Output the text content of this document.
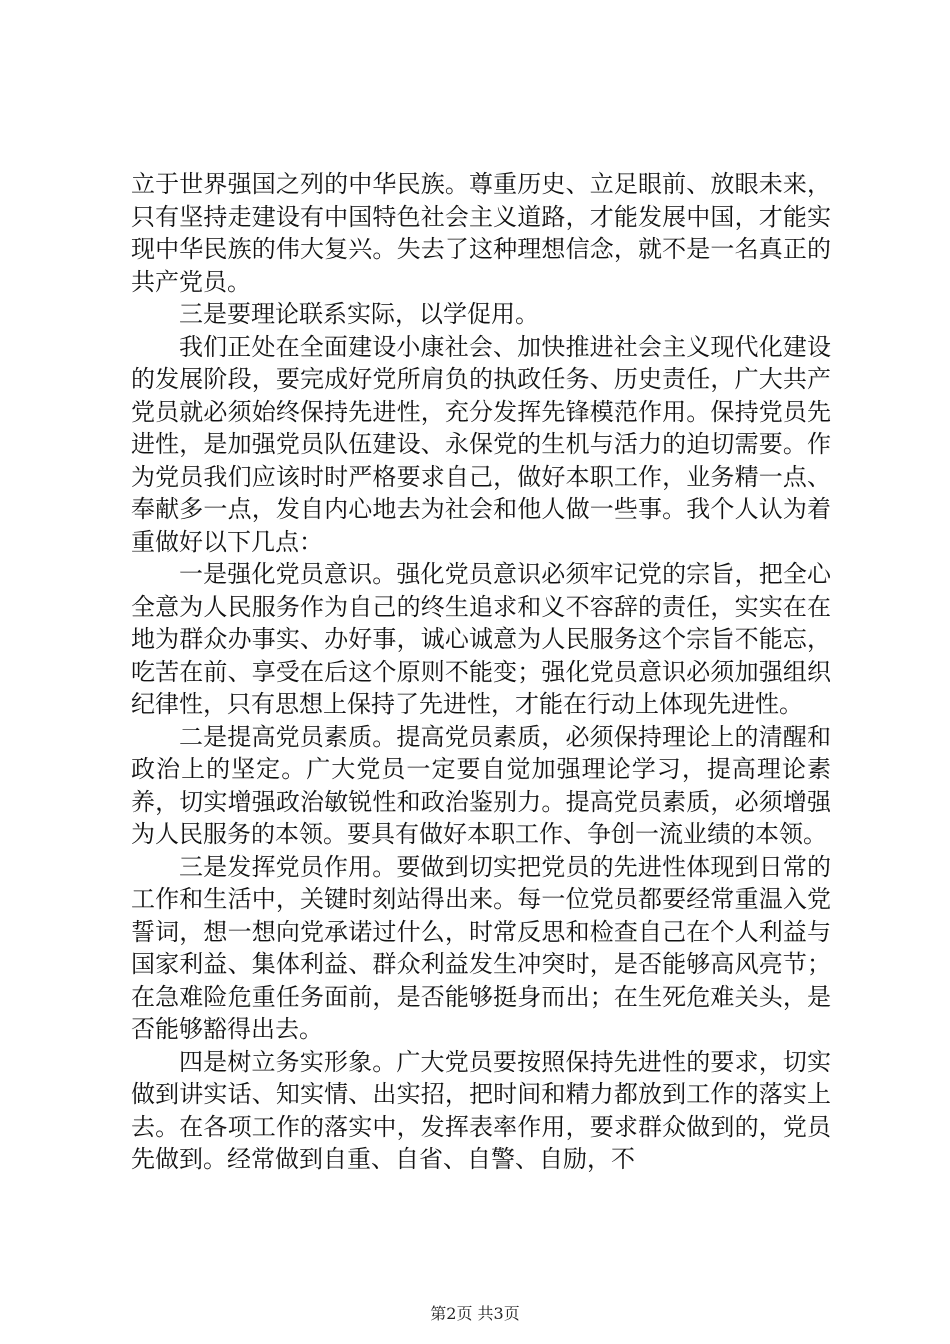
立于世界强国之列的中华民族。尊重历史、立足眼前、放眼未来，只有坚持走建设有中国特色社会主义道路，才能发展中国，才能实现中华民族的伟大复兴。失去了这种理想信念，就不是一名真正的共产党员。

三是要理论联系实际，以学促用。

我们正处在全面建设小康社会、加快推进社会主义现代化建设的发展阶段，要完成好党所肩负的执政任务、历史责任，广大共产党员就必须始终保持先进性，充分发挥先锋模范作用。保持党员先进性，是加强党员队伍建设、永保党的生机与活力的迫切需要。作为党员我们应该时时严格要求自己，做好本职工作，业务精一点、奉献多一点，发自内心地去为社会和他人做一些事。我个人认为着重做好以下几点：

一是强化党员意识。强化党员意识必须牢记党的宗旨，把全心全意为人民服务作为自己的终生追求和义不容辞的责任，实实在在地为群众办事实、办好事，诚心诚意为人民服务这个宗旨不能忘，吃苦在前、享受在后这个原则不能变；强化党员意识必须加强组织纪律性，只有思想上保持了先进性，才能在行动上体现先进性。

二是提高党员素质。提高党员素质，必须保持理论上的清醒和政治上的坚定。广大党员一定要自觉加强理论学习，提高理论素养，切实增强政治敏锐性和政治鉴别力。提高党员素质，必须增强为人民服务的本领。要具有做好本职工作、争创一流业绩的本领。

三是发挥党员作用。要做到切实把党员的先进性体现到日常的工作和生活中，关键时刻站得出来。每一位党员都要经常重温入党誓词，想一想向党承诺过什么，时常反思和检查自己在个人利益与国家利益、集体利益、群众利益发生冲突时，是否能够高风亮节；在急难险危重任务面前，是否能够挺身而出；在生死危难关头，是否能够豁得出去。

四是树立务实形象。广大党员要按照保持先进性的要求，切实做到讲实话、知实情、出实招，把时间和精力都放到工作的落实上去。在各项工作的落实中，发挥表率作用，要求群众做到的，党员先做到。经常做到自重、自省、自警、自励，不

第2页 共3页
